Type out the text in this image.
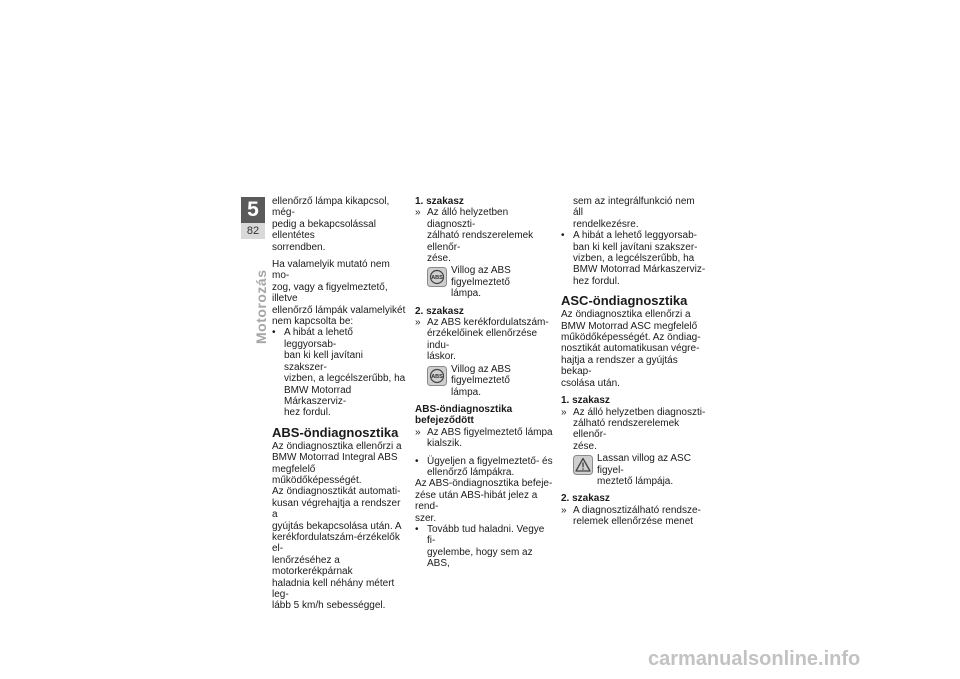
5
82
Motorozás

ellenőrző lámpa kikapcsol, még-
pedig a bekapcsolással ellentétes
sorrendben.

Ha valamelyik mutató nem mo-
zog, vagy a figyelmeztető, illetve
ellenőrző lámpák valamelyikét
nem kapcsolta be:

• A hibát a lehető leggyorsab-
ban ki kell javítani szakszer-
vizben, a legcélszerűbb, ha
BMW Motorrad Márkaszerviz-
hez fordul.

ABS-öndiagnosztika

Az öndiagnosztika ellenőrzi a
BMW Motorrad Integral ABS
megfelelő működőképességét.
Az öndiagnosztikát automati-
kusan végrehajtja a rendszer a
gyújtás bekapcsolása után. A
kerékfordulatszám-érzékelők el-
lenőrzéséhez a motorkerékpárnak
haladnia kell néhány métert leg-
lább 5 km/h sebességgel.

1. szakasz
» Az álló helyzetben diagnoszti-
zálható rendszerelemek ellenőr-
zése.

ABS

Villog az ABS figyelmeztető
lámpa.

2. szakasz
» Az ABS kerékfordulatszám-
érzékelőinek ellenőrzése indu-
láskor.

ABS

Villog az ABS figyelmeztető
lámpa.

ABS-öndiagnosztika
befejeződött
» Az ABS figyelmeztető lámpa
kialszik.

• Ügyeljen a figyelmeztető- és
ellenőrző lámpákra.

Az ABS-öndiagnosztika befeje-
zése után ABS-hibát jelez a rend-
szer.

• Tovább tud haladni. Vegye fi-
gyelembe, hogy sem az ABS,

sem az integrálfunkció nem áll
rendelkezésre.

• A hibát a lehető leggyorsab-
ban ki kell javítani szakszer-
vizben, a legcélszerűbb, ha
BMW Motorrad Márkaszerviz-
hez fordul.

ASC-öndiagnosztika

Az öndiagnosztika ellenőrzi a
BMW Motorrad ASC megfelelő
működőképességét. Az öndiag-
nosztikát automatikusan végre-
hajtja a rendszer a gyújtás bekap-
csolása után.

1. szakasz
» Az álló helyzetben diagnoszti-
zálható rendszerelemek ellenőr-
zése.

Lassan villog az ASC figyel-
meztető lámpája.

2. szakasz
» A diagnosztizálható rendsze-
relemek ellenőrzése menet

carmanualsonline.info
